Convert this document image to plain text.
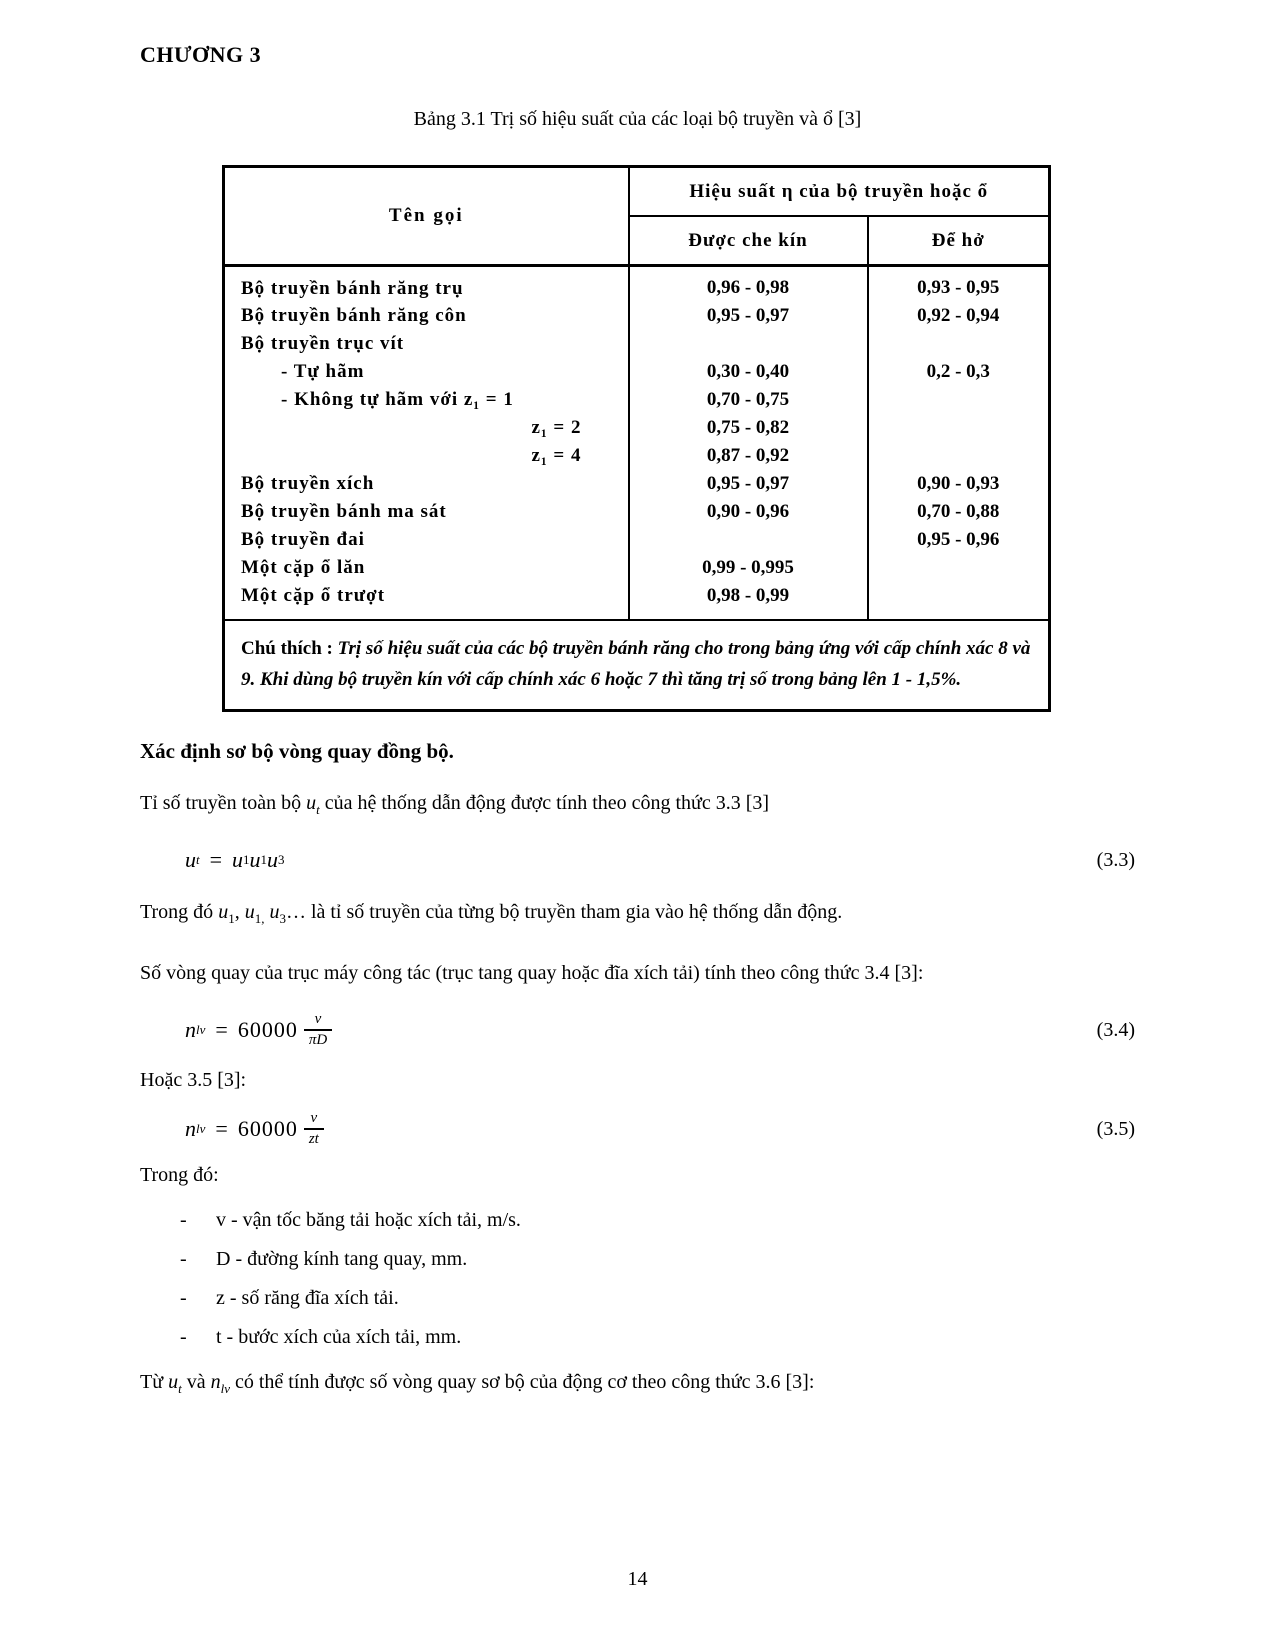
CHƯƠNG 3
Bảng 3.1 Trị số hiệu suất của các loại bộ truyền và ổ [3]
Tên gọi	Hiệu suất η của bộ truyền hoặc ổ	
	Được che kín	Để hở
Bộ truyền bánh răng trụ	0,96 - 0,98	0,93 - 0,95
Bộ truyền bánh răng côn	0,95 - 0,97	0,92 - 0,94
Bộ truyền trục vít		
- Tự hãm	0,30 - 0,40	0,2 - 0,3
- Không tự hãm với z₁ = 1	0,70 - 0,75	
z₁ = 2	0,75 - 0,82	
z₁ = 4	0,87 - 0,92	
Bộ truyền xích	0,95 - 0,97	0,90 - 0,93
Bộ truyền bánh ma sát	0,90 - 0,96	0,70 - 0,88
Bộ truyền đai		0,95 - 0,96
Một cặp ổ lăn	0,99 - 0,995	
Một cặp ổ trượt	0,98 - 0,99	
Chú thích : Trị số hiệu suất của các bộ truyền bánh răng cho trong bảng ứng với cấp chính xác 8 và 9. Khi dùng bộ truyền kín với cấp chính xác 6 hoặc 7 thì tăng trị số trong bảng lên 1 - 1,5%.		
Xác định sơ bộ vòng quay đồng bộ.

Tỉ số truyền toàn bộ $u_t$ của hệ thống dẫn động được tính theo công thức 3.3 [3]

u t = u 1 u 1 u 3	(3.3)

Trong đó $u_1$, $u_{1,}$ $u_3\dots$ là tỉ số truyền của từng bộ truyền tham gia vào hệ thống dẫn động.

Số vòng quay của trục máy công tác (trục tang quay hoặc đĩa xích tải) tính theo công thức 3.4 [3]:

n lv = $60000 \frac{v}{\pi D}$	(3.4)

Hoặc 3.5 [3]:

n lv = $60000 \frac{v}{zt}$	(3.5)

Trong đó:

-	v - vận tốc băng tải hoặc xích tải, m/s.
-	D - đường kính tang quay, mm.
-	z - số răng đĩa xích tải.
-	t - bước xích của xích tải, mm.

Từ $u_t$ và $n_{lv}$ có thể tính được số vòng quay sơ bộ của động cơ theo công thức 3.6 [3]:

14
